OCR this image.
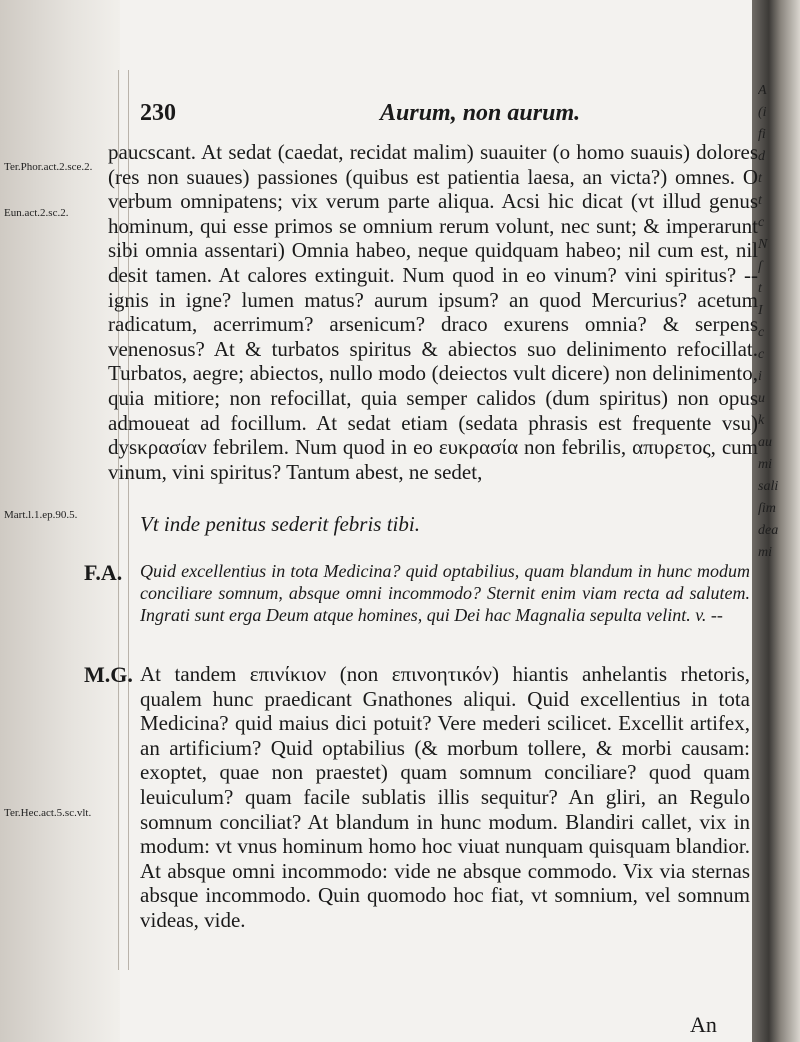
A
(i
fi
d
t
t
c
N
ſ
t
I
c
c
i
u
k
au
mi
sali
ſim
dea
mi
230	Aurum, non aurum.
Ter.Phor.act.2.sce.2.
Eun.act.2.sc.2.
Mart.l.1.ep.90.5.
Ter.Hec.act.5.sc.vlt.

paucscant. At sedat (caedat, recidat malim) suauiter (o homo suauis) dolores (res non suaues) passiones (quibus est patientia laesa, an victa?) omnes. O verbum omnipatens; vix verum parte aliqua. Acsi hic dicat (vt illud genus hominum, qui esse primos se omnium rerum volunt, nec sunt; & imperarunt sibi omnia assentari) Omnia habeo, neque quidquam habeo; nil cum est, nil desit tamen. At calores extinguit. Num quod in eo vinum? vini spiritus? -- ignis in igne? lumen matus? aurum ipsum? an quod Mercurius? acetum radicatum, acerrimum? arsenicum? draco exurens omnia? & serpens venenosus? At & turbatos spiritus & abiectos suo delinimento refocillat. Turbatos, aegre; abiectos, nullo modo (deiectos vult dicere) non delinimento, quia mitiore; non refocillat, quia semper calidos (dum spiritus) non opus admoueat ad focillum. At sedat etiam (sedata phrasis est frequente vsu) dysκρασίαν febrilem. Num quod in eo ευκρασία non febrilis, απυρετος, cum vinum, vini spiritus? Tantum abest, ne sedet,

Vt inde penitus sederit febris tibi.

F.A. Quid excellentius in tota Medicina? quid optabilius, quam blandum in hunc modum conciliare somnum, absque omni incommodo? Sternit enim viam recta ad salutem. Ingrati sunt erga Deum atque homines, qui Dei hac Magnalia sepulta velint. v. --

M.G. At tandem επινίκιον (non επινοητικόν) hiantis anhelantis rhetoris, qualem hunc praedicant Gnathones aliqui. Quid excellentius in tota Medicina? quid maius dici potuit? Vere mederi scilicet. Excellit artifex, an artificium? Quid optabilius (& morbum tollere, & morbi causam: exoptet, quae non praestet) quam somnum conciliare? quod quam leuiculum? quam facile sublatis illis sequitur? An gliri, an Regulo somnum conciliat? At blandum in hunc modum. Blandiri callet, vix in modum: vt vnus hominum homo hoc viuat nunquam quisquam blandior. At absque omni incommodo: vide ne absque commodo. Vix via sternas absque incommodo. Quin quomodo hoc fiat, vt somnium, vel somnum videas, vide.

An
